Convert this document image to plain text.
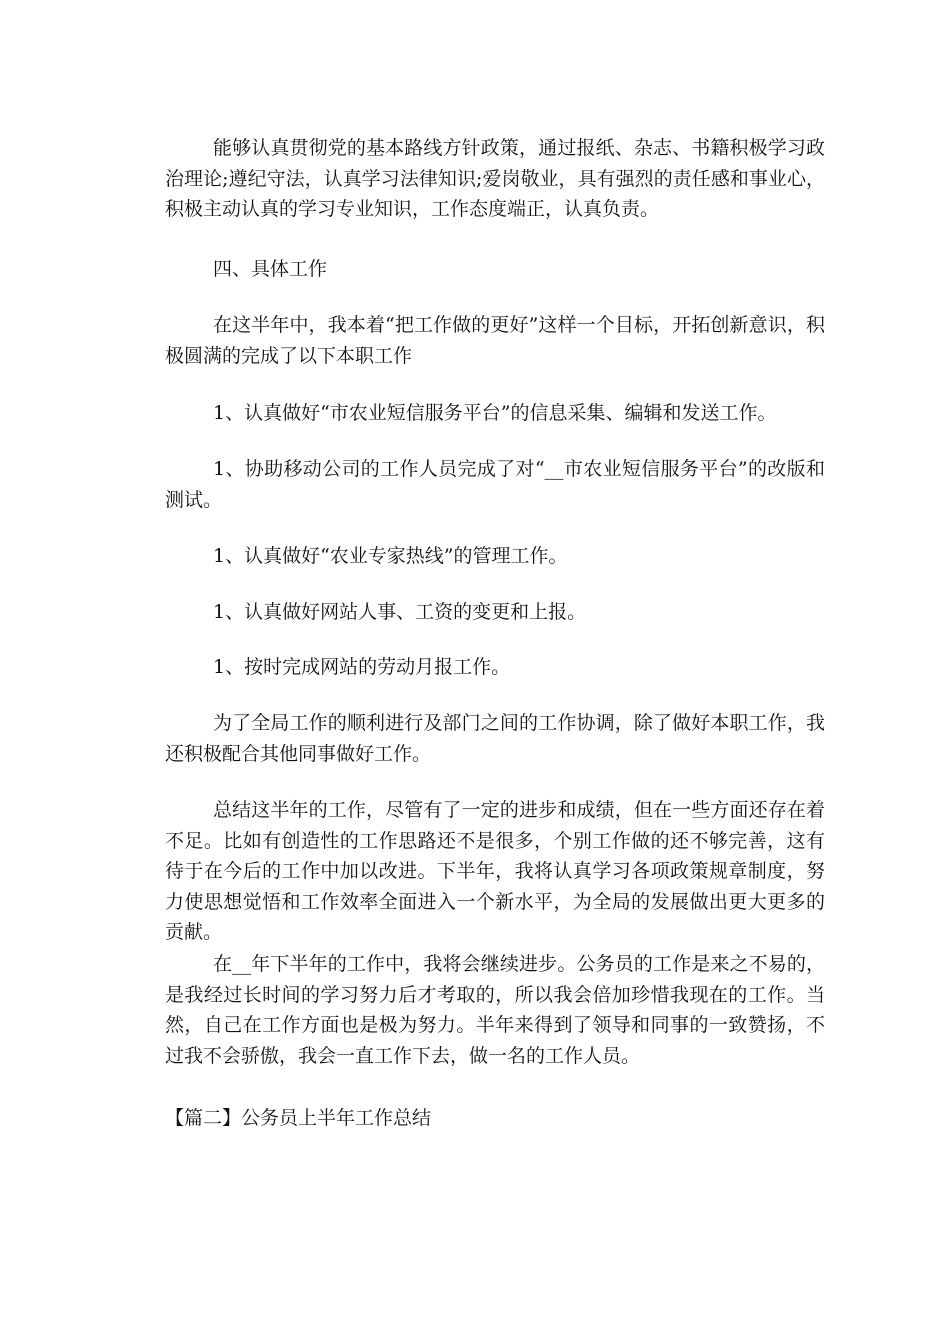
能够认真贯彻党的基本路线方针政策，通过报纸、杂志、书籍积极学习政治理论;遵纪守法，认真学习法律知识;爱岗敬业，具有强烈的责任感和事业心，积极主动认真的学习专业知识，工作态度端正，认真负责。

四、具体工作

在这半年中，我本着“把工作做的更好”这样一个目标，开拓创新意识，积极圆满的完成了以下本职工作

1、认真做好“市农业短信服务平台”的信息采集、编辑和发送工作。

1、协助移动公司的工作人员完成了对“__市农业短信服务平台”的改版和测试。

1、认真做好“农业专家热线”的管理工作。

1、认真做好网站人事、工资的变更和上报。

1、按时完成网站的劳动月报工作。

为了全局工作的顺利进行及部门之间的工作协调，除了做好本职工作，我还积极配合其他同事做好工作。

总结这半年的工作，尽管有了一定的进步和成绩，但在一些方面还存在着不足。比如有创造性的工作思路还不是很多，个别工作做的还不够完善，这有待于在今后的工作中加以改进。下半年，我将认真学习各项政策规章制度，努力使思想觉悟和工作效率全面进入一个新水平，为全局的发展做出更大更多的贡献。

在__年下半年的工作中，我将会继续进步。公务员的工作是来之不易的，是我经过长时间的学习努力后才考取的，所以我会倍加珍惜我现在的工作。当然，自己在工作方面也是极为努力。半年来得到了领导和同事的一致赞扬，不过我不会骄傲，我会一直工作下去，做一名的工作人员。

【篇二】公务员上半年工作总结
